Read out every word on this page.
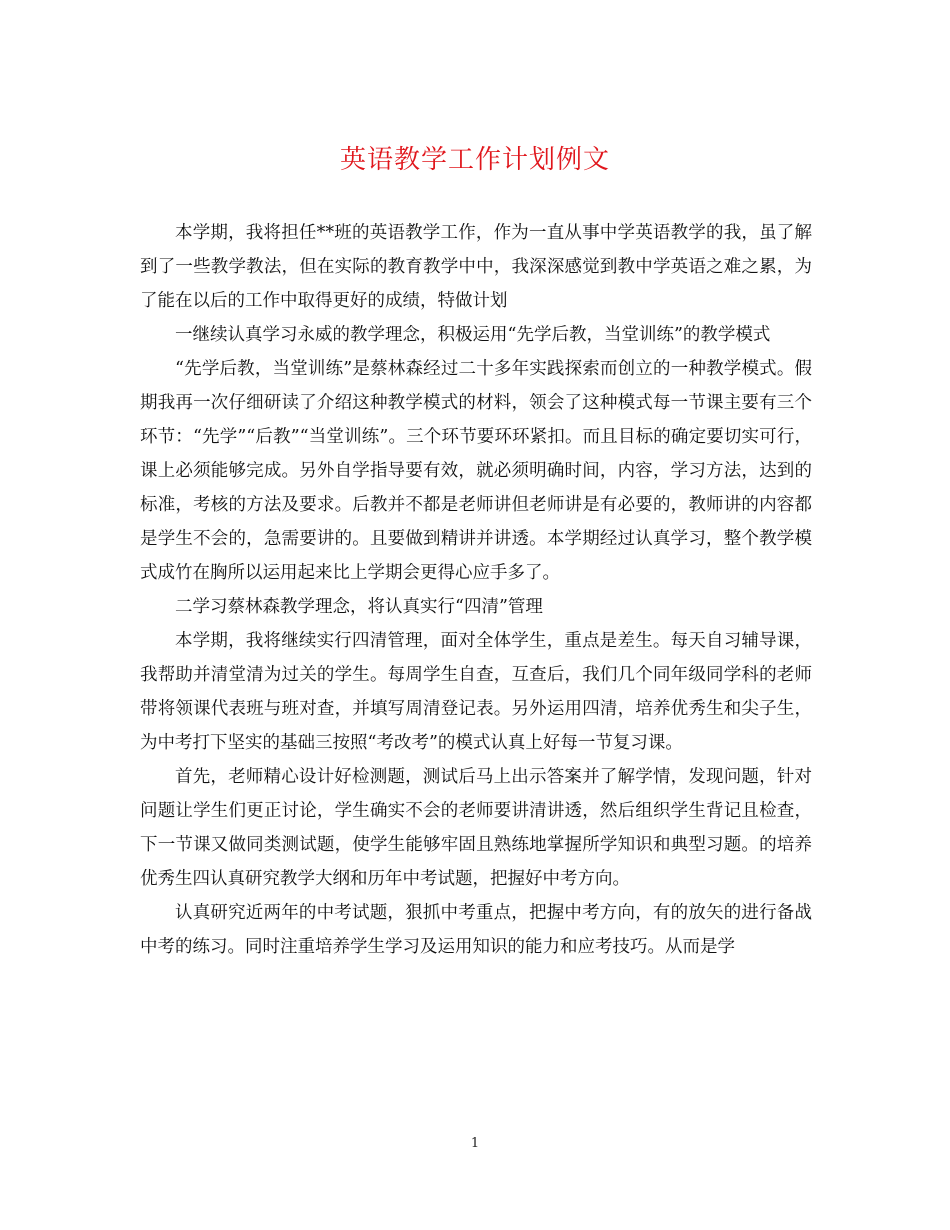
英语教学工作计划例文

本学期，我将担任**班的英语教学工作，作为一直从事中学英语教学的我，虽了解到了一些教学教法，但在实际的教育教学中中，我深深感觉到教中学英语之难之累，为了能在以后的工作中取得更好的成绩，特做计划

一继续认真学习永威的教学理念，积极运用“先学后教，当堂训练”的教学模式

“先学后教，当堂训练”是蔡林森经过二十多年实践探索而创立的一种教学模式。假期我再一次仔细研读了介绍这种教学模式的材料，领会了这种模式每一节课主要有三个环节：“先学”“后教”“当堂训练”。三个环节要环环紧扣。而且目标的确定要切实可行，课上必须能够完成。另外自学指导要有效，就必须明确时间，内容，学习方法，达到的标准，考核的方法及要求。后教并不都是老师讲但老师讲是有必要的，教师讲的内容都是学生不会的，急需要讲的。且要做到精讲并讲透。本学期经过认真学习，整个教学模式成竹在胸所以运用起来比上学期会更得心应手多了。

二学习蔡林森教学理念，将认真实行“四清”管理

本学期，我将继续实行四清管理，面对全体学生，重点是差生。每天自习辅导课，我帮助并清堂清为过关的学生。每周学生自查，互查后，我们几个同年级同学科的老师带将领课代表班与班对查，并填写周清登记表。另外运用四清，培养优秀生和尖子生，为中考打下坚实的基础三按照“考改考”的模式认真上好每一节复习课。

首先，老师精心设计好检测题，测试后马上出示答案并了解学情，发现问题，针对问题让学生们更正讨论，学生确实不会的老师要讲清讲透，然后组织学生背记且检查，下一节课又做同类测试题，使学生能够牢固且熟练地掌握所学知识和典型习题。的培养优秀生四认真研究教学大纲和历年中考试题，把握好中考方向。

认真研究近两年的中考试题，狠抓中考重点，把握中考方向，有的放矢的进行备战中考的练习。同时注重培养学生学习及运用知识的能力和应考技巧。从而是学

1
